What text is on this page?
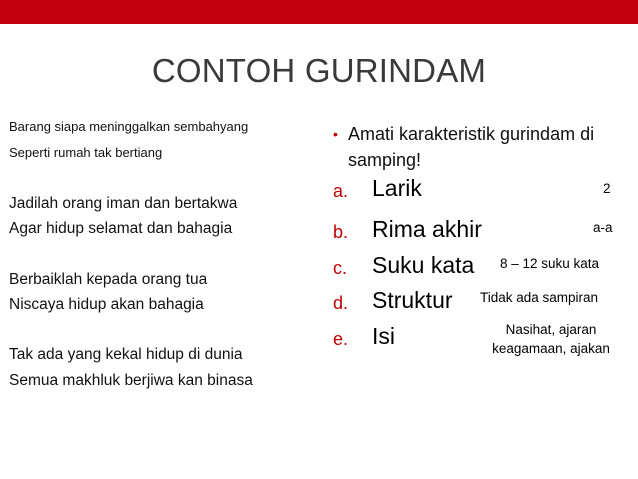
CONTOH GURINDAM
Barang siapa meninggalkan sembahyang
Seperti rumah tak bertiang
Jadilah orang iman dan bertakwa
Agar hidup selamat dan bahagia
Berbaiklah kepada orang tua
Niscaya hidup akan bahagia
Tak ada yang kekal hidup di dunia
Semua makhluk berjiwa kan binasa
• Amati karakteristik gurindam di samping!
a. Larik
b. Rima akhir
c. Suku kata
d. Struktur
e. Isi
2
a-a
8 – 12 suku kata
Tidak ada sampiran
Nasihat, ajaran keagamaan, ajakan
